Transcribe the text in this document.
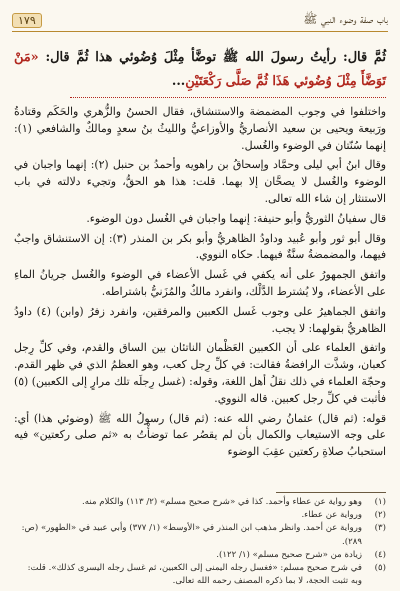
باب صفة وضوء النبي ﷺ
١٧٩
ثُمَّ قال: رأيتُ رسولَ الله ﷺ توضَّأ مِثْلَ وُضُوئي هذا ثُمَّ قال: «مَنْ تَوَضَّأَ مِثْلَ وُضُوئي هَذَا ثُمَّ صَلَّى رَكْعَتَيْنِ...

واختلفوا في وجوب المضمضة والاستنشاق، فقال الحسنُ والزُّهري والحَكَم وقتادةُ ورَبيعة ويحيى بن سعيد الأنصاريُّ والأوزاعيُّ والليثُ بنُ سعدٍ ومالكٌ والشافعي (١): إنهما سُنّتان في الوضوء والغُسل.

وقال ابنُ أبي ليلى وحمَّاد وإسحاقُ بن راهويه وأحمدُ بن حنبل (٢): إنهما واجبان في الوضوء والغُسل لا يصحَّان إلا بهما. قلت: هذا هو الحقُّ، وتجيء دلالته في باب الاستنثار إن شاء الله تعالى.

قال سفيانُ الثوريُّ وأبو حنيفة: إنهما واجبان في الغُسل دون الوضوء.

وقال أبو ثور وأبو عُبيد وداودُ الظاهريُّ وأبو بكر بن المنذر (٣): إن الاستنشاق واجبٌ فيهما، والمضمضةُ سنَّةٌ فيهما. حكاه النووي.

واتفق الجمهورُ على أنه يكفي في غَسل الأعضاء في الوضوء والغُسل جريانُ الماءِ على الأعضاء، ولا يُشترط الدَّلْك، وانفرد مالكٌ والمُزَنيُّ باشتراطه.

واتفق الجماهيرُ على وجوب غَسل الكعبين والمرفقين، وانفرد زفرُ (وابن) (٤) داودُ الظاهريُّ بقولهما: لا يجب.

واتفق العلماء على أن الكعبين العَظْمان الناتئان بين الساق والقدم، وفي كلِّ رِجل كعبان، وشذَّت الرافضةُ فقالت: في كلِّ رِجل كعب، وهو العظمُ الذي في ظهر القدم. وحجّة العلماء في ذلك نقلُ أهل اللغة، وقوله: (غسل رِجلَه تلك مرارٍ إلى الكعبين) (٥) فأثبت في كلِّ رجل كعبين. قاله النووي.

قوله: (ثم قال) عثمانُ رضي الله عنه: (ثم قال) رسولُ الله ﷺ (وضوئي هذا) أي: على وجه الاستيعاب والكمال بأن لم يقصُر عما توضأْتُ به «ثم صلى ركعتين» فيه استحبابُ صلاةِ ركعتين عقِبَ الوضوء

(١)
وهو رواية عن عطاء وأحمد. كذا في «شرح صحيح مسلم» (٢/ ١١٣) والكلام منه.
(٢)
ورواية عن عطاء.
(٣)
ورواية عن أحمد. وانظر مذهب ابن المنذر في «الأوسط» (١/ ٣٧٧) وأبي عبيد في «الطهور» (ص: ٢٨٩).
(٤)
زيادة من «شرح صحيح مسلم» (١/ ١٢٢).
(٥)
في شرح صحيح مسلم: «فغسل رجله اليمنى إلى الكعبين، ثم غسل رجله اليسرى كذلك». قلت: وبه تثبت الحجة، لا بما ذكره المصنف رحمه الله تعالى.
